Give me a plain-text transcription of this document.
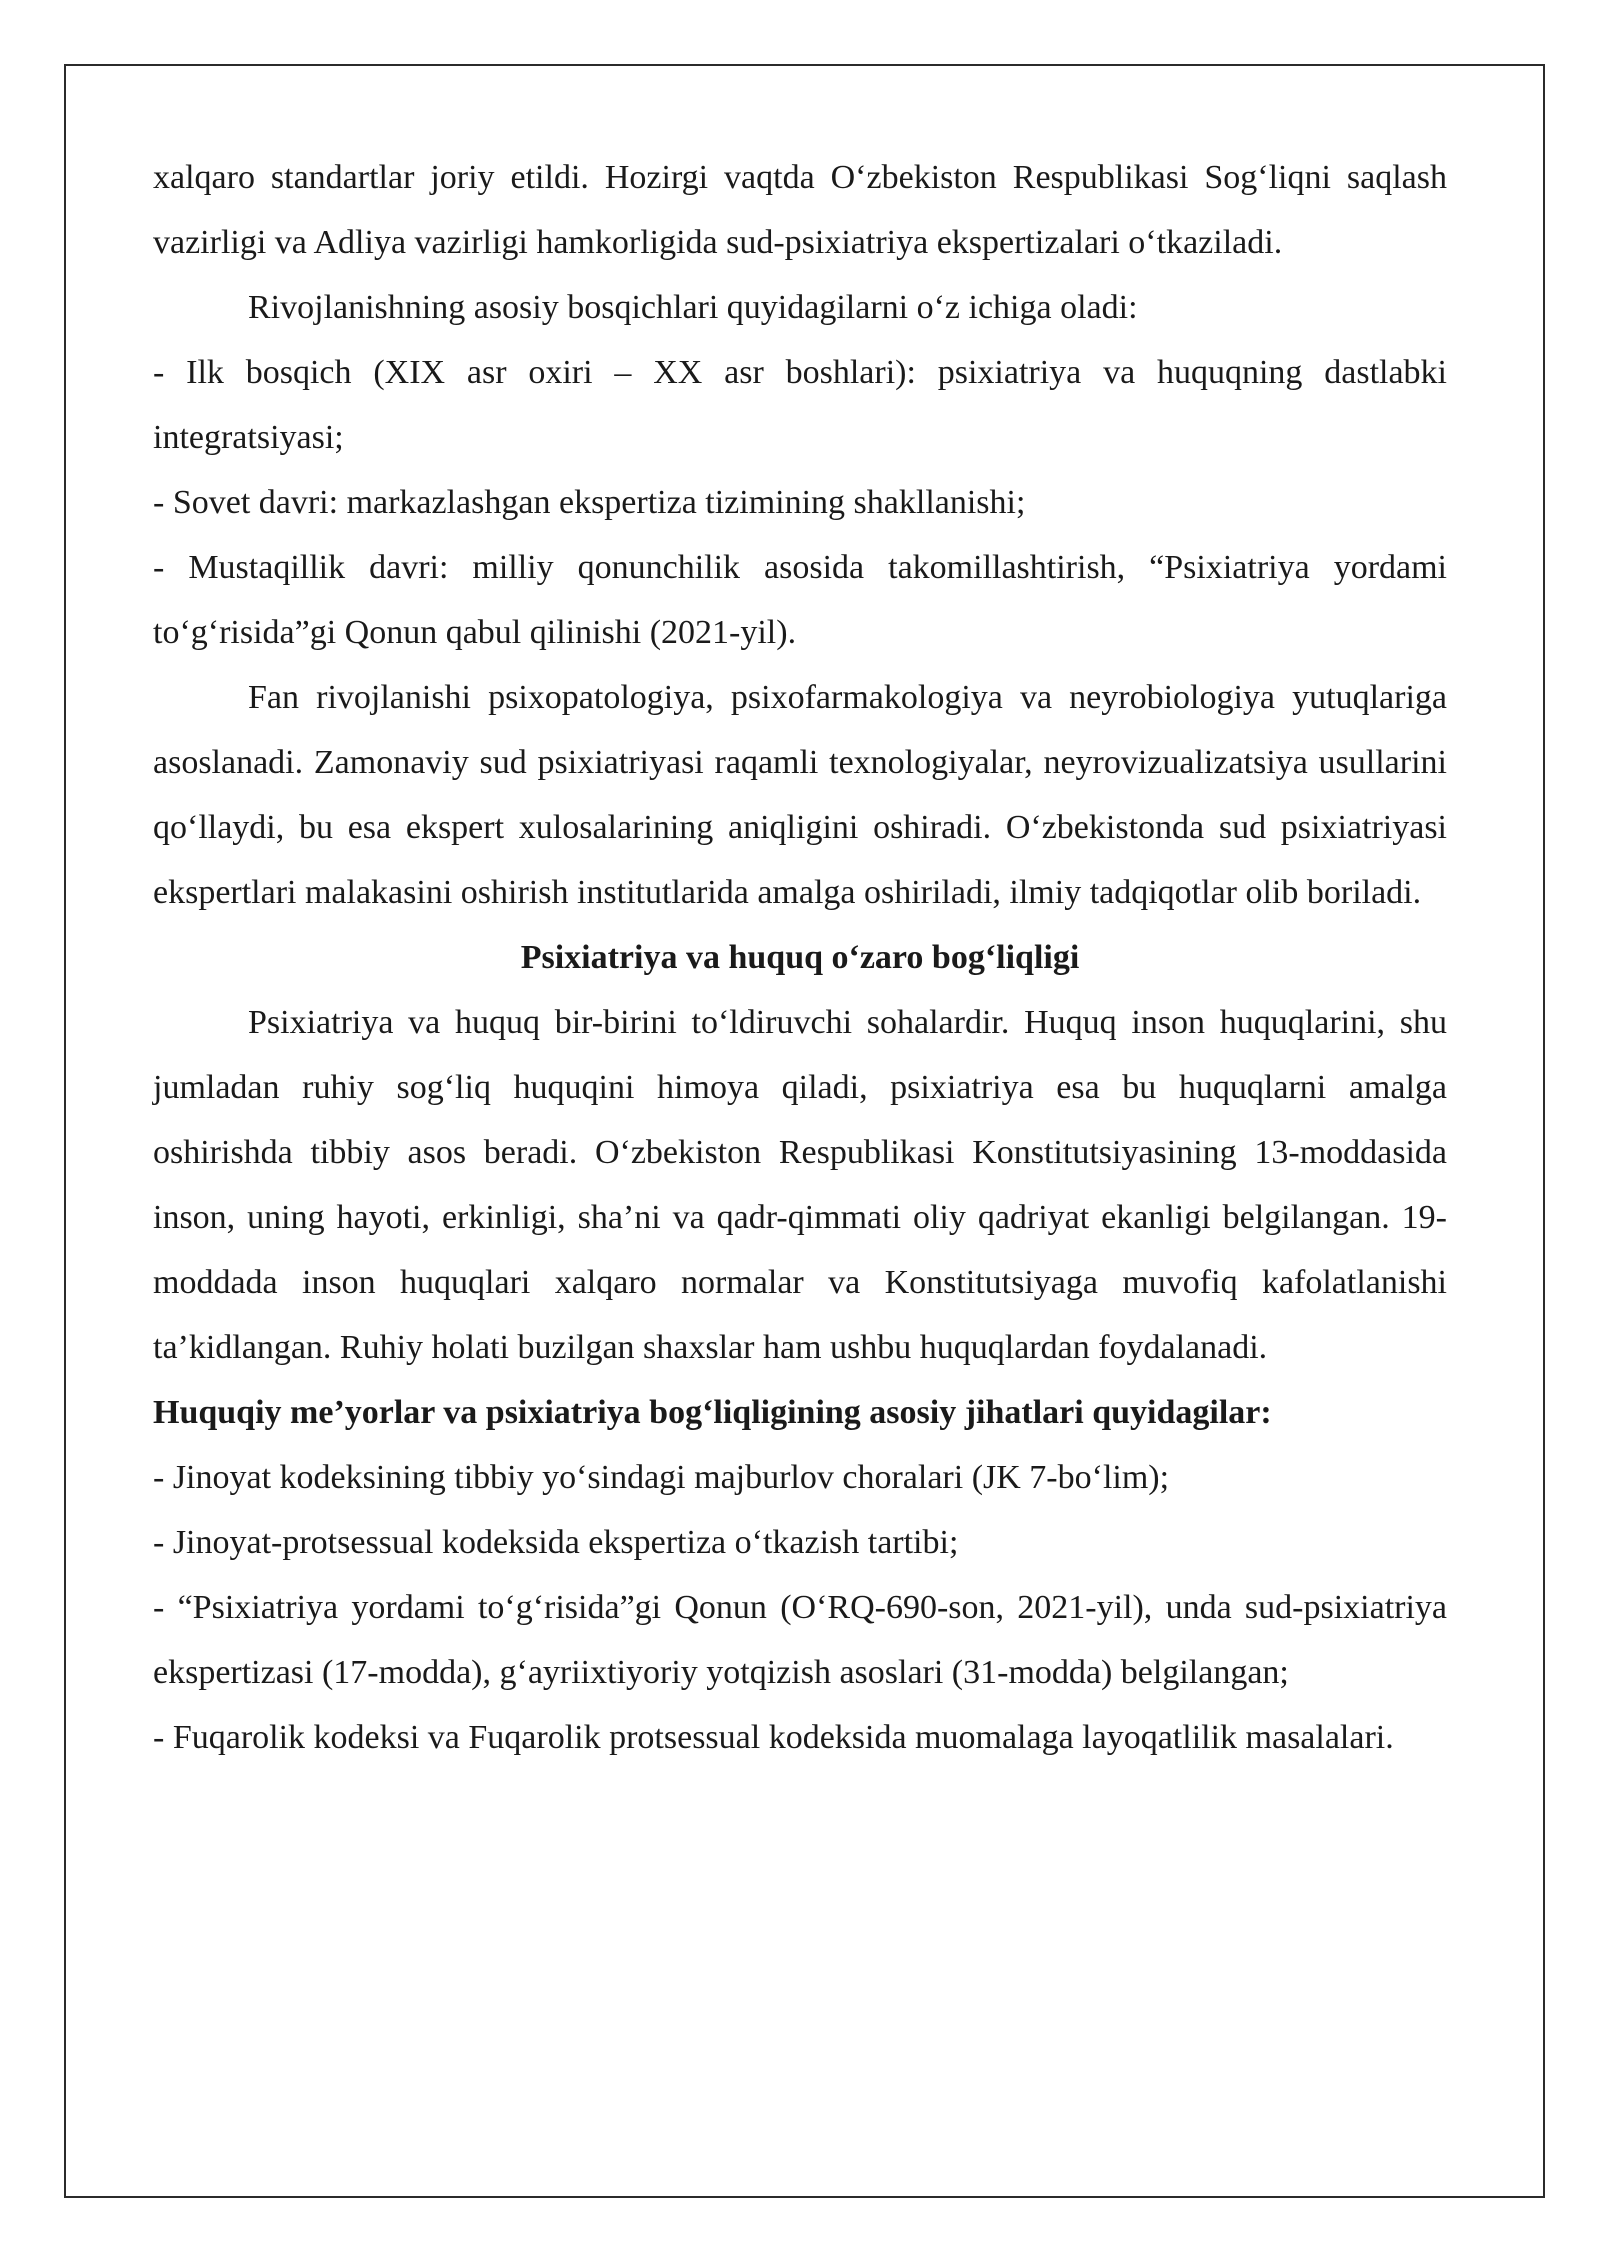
xalqaro standartlar joriy etildi. Hozirgi vaqtda O‘zbekiston Respublikasi Sog‘liqni saqlash vazirligi va Adliya vazirligi hamkorligida sud-psixiatriya ekspertizalari o‘tkaziladi.

Rivojlanishning asosiy bosqichlari quyidagilarni o‘z ichiga oladi:

- Ilk bosqich (XIX asr oxiri – XX asr boshlari): psixiatriya va huquqning dastlabki integratsiyasi;

- Sovet davri: markazlashgan ekspertiza tizimining shakllanishi;

- Mustaqillik davri: milliy qonunchilik asosida takomillashtirish, “Psixiatriya yordami to‘g‘risida”gi Qonun qabul qilinishi (2021-yil).

Fan rivojlanishi psixopatologiya, psixofarmakologiya va neyrobiologiya yutuqlariga asoslanadi. Zamonaviy sud psixiatriyasi raqamli texnologiyalar, neyrovizualizatsiya usullarini qo‘llaydi, bu esa ekspert xulosalarining aniqligini oshiradi. O‘zbekistonda sud psixiatriyasi ekspertlari malakasini oshirish institutlarida amalga oshiriladi, ilmiy tadqiqotlar olib boriladi.

Psixiatriya va huquq o‘zaro bog‘liqligi

Psixiatriya va huquq bir-birini to‘ldiruvchi sohalardir. Huquq inson huquqlarini, shu jumladan ruhiy sog‘liq huquqini himoya qiladi, psixiatriya esa bu huquqlarni amalga oshirishda tibbiy asos beradi. O‘zbekiston Respublikasi Konstitutsiyasining 13-moddasida inson, uning hayoti, erkinligi, sha’ni va qadr-qimmati oliy qadriyat ekanligi belgilangan. 19-moddada inson huquqlari xalqaro normalar va Konstitutsiyaga muvofiq kafolatlanishi ta’kidlangan. Ruhiy holati buzilgan shaxslar ham ushbu huquqlardan foydalanadi.

Huquqiy me’yorlar va psixiatriya bog‘liqligining asosiy jihatlari quyidagilar:

- Jinoyat kodeksining tibbiy yo‘sindagi majburlov choralari (JK 7-bo‘lim);

- Jinoyat-protsessual kodeksida ekspertiza o‘tkazish tartibi;

- “Psixiatriya yordami to‘g‘risida”gi Qonun (O‘RQ-690-son, 2021-yil), unda sud-psixiatriya ekspertizasi (17-modda), g‘ayriixtiyoriy yotqizish asoslari (31-modda) belgilangan;

- Fuqarolik kodeksi va Fuqarolik protsessual kodeksida muomalaga layoqatlilik masalalari.
